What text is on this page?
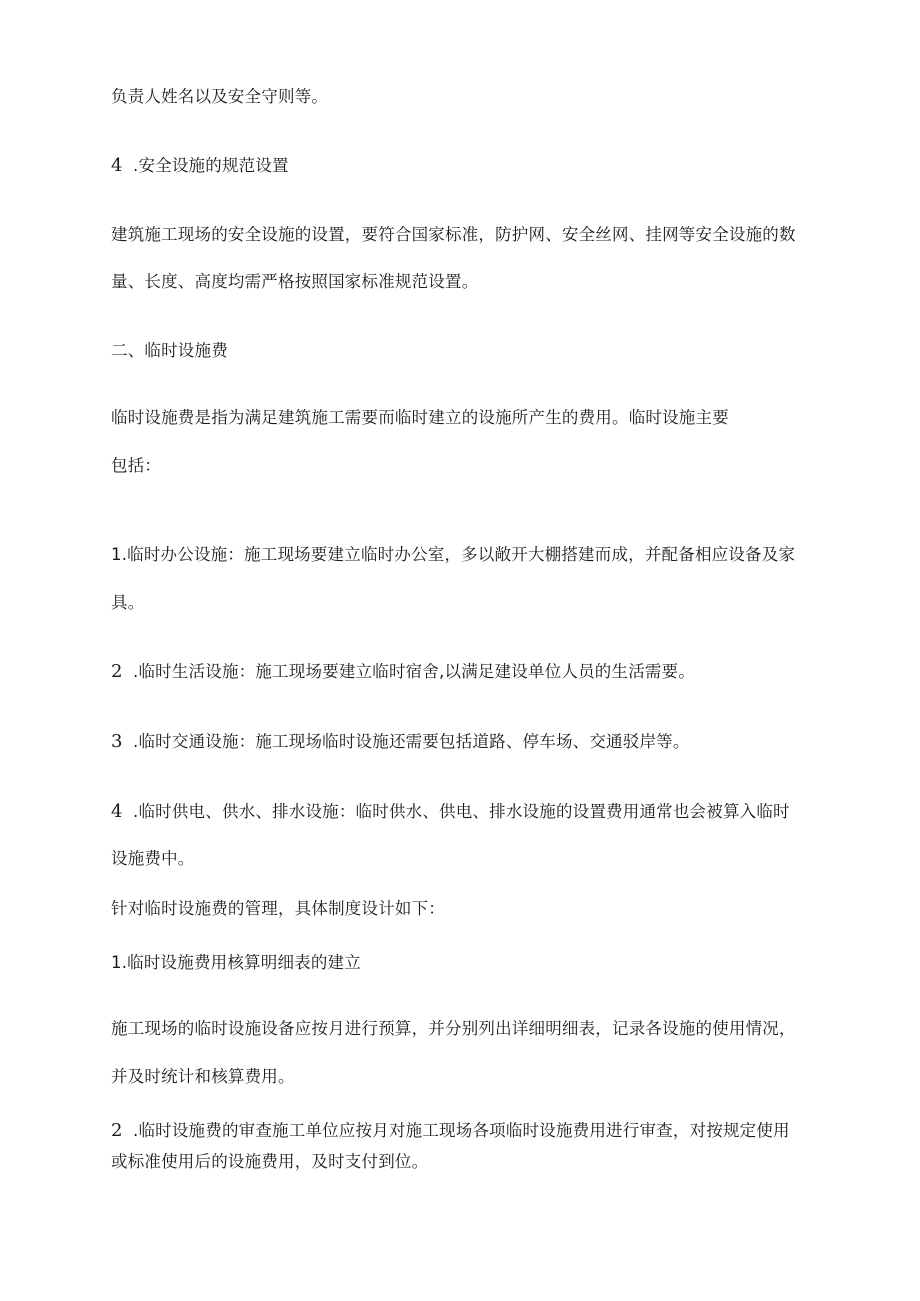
负责人姓名以及安全守则等。

4 .安全设施的规范设置

建筑施工现场的安全设施的设置，要符合国家标准，防护网、安全丝网、挂网等安全设施的数

量、长度、高度均需严格按照国家标准规范设置。

二、临时设施费

临时设施费是指为满足建筑施工需要而临时建立的设施所产生的费用。临时设施主要

包括：

1.临时办公设施：施工现场要建立临时办公室，多以敞开大棚搭建而成，并配备相应设备及家

具。

2 .临时生活设施：施工现场要建立临时宿舍,以满足建设单位人员的生活需要。

3 .临时交通设施：施工现场临时设施还需要包括道路、停车场、交通驳岸等。

4 .临时供电、供水、排水设施：临时供水、供电、排水设施的设置费用通常也会被算入临时

设施费中。

针对临时设施费的管理，具体制度设计如下：

1.临时设施费用核算明细表的建立

施工现场的临时设施设备应按月进行预算，并分别列出详细明细表，记录各设施的使用情况，

并及时统计和核算费用。

2 .临时设施费的审查施工单位应按月对施工现场各项临时设施费用进行审查，对按规定使用

或标准使用后的设施费用，及时支付到位。
